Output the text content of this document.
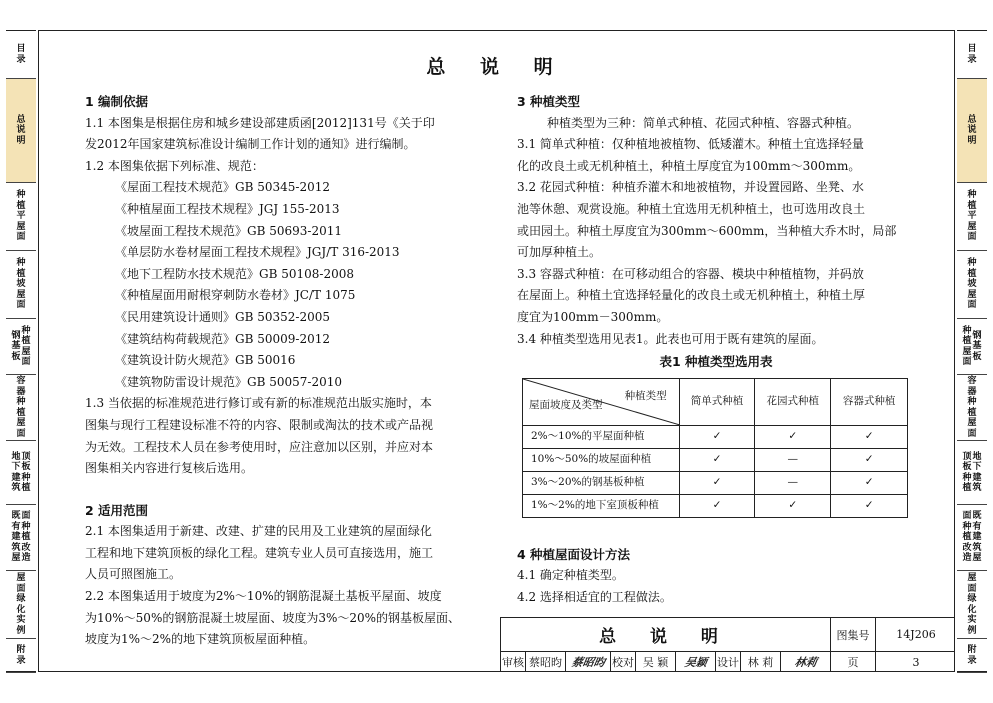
目
录
总
说
明
种
植
平
屋
面
种
植
坡
屋
面
钢
基
板
种
植
屋
面
容
器
种
植
屋
面
地
下
建
筑
顶
板
种
植
既
有
建
筑
屋
面
种
植
改
造
屋
面
绿
化
实
例
附
录
目
录
总
说
明
种
植
平
屋
面
种
植
坡
屋
面
种
植
屋
面
钢
基
板
容
器
种
植
屋
面
顶
板
种
植
地
下
建
筑
面
种
植
改
造
既
有
建
筑
屋
屋
面
绿
化
实
例
附
录
总 说 明
1 编制依据
1.1 本图集是根据住房和城乡建设部建质函[2012]131号《关于印
发2012年国家建筑标准设计编制工作计划的通知》进行编制。
1.2 本图集依据下列标准、规范：
《屋面工程技术规范》GB 50345-2012
《种植屋面工程技术规程》JGJ 155-2013
《坡屋面工程技术规范》GB 50693-2011
《单层防水卷材屋面工程技术规程》JGJ/T 316-2013
《地下工程防水技术规范》GB 50108-2008
《种植屋面用耐根穿刺防水卷材》JC/T 1075
《民用建筑设计通则》GB 50352-2005
《建筑结构荷载规范》GB 50009-2012
《建筑设计防火规范》GB 50016
《建筑物防雷设计规范》GB 50057-2010
1.3 当依据的标准规范进行修订或有新的标准规范出版实施时，本
图集与现行工程建设标准不符的内容、限制或淘汰的技术或产品视
为无效。工程技术人员在参考使用时，应注意加以区别，并应对本
图集相关内容进行复核后选用。
2 适用范围
2.1 本图集适用于新建、改建、扩建的民用及工业建筑的屋面绿化
工程和地下建筑顶板的绿化工程。建筑专业人员可直接选用，施工
人员可照图施工。
2.2 本图集适用于坡度为2%～10%的钢筋混凝土基板平屋面、坡度
为10%～50%的钢筋混凝土坡屋面、坡度为3%～20%的钢基板屋面、
坡度为1%～2%的地下建筑顶板屋面种植。
3 种植类型
种植类型为三种：简单式种植、花园式种植、容器式种植。
3.1 简单式种植：仅种植地被植物、低矮灌木。种植土宜选择轻量
化的改良土或无机种植土，种植土厚度宜为100mm～300mm。
3.2 花园式种植：种植乔灌木和地被植物，并设置园路、坐凳、水
池等休憩、观赏设施。种植土宜选用无机种植土，也可选用改良土
或田园土。种植土厚度宜为300mm～600mm，当种植大乔木时，局部
可加厚种植土。
3.3 容器式种植：在可移动组合的容器、模块中种植植物，并码放
在屋面上。种植土宜选择轻量化的改良土或无机种植土，种植土厚
度宜为100mm－300mm。
3.4 种植类型选用见表1。此表也可用于既有建筑的屋面。
表1 种植类型选用表
种植类型
屋面坡度及类型	简单式种植	花园式种植	容器式种植
2%～10%的平屋面种植	✓	✓	✓
10%～50%的坡屋面种植	✓	—	✓
3%～20%的钢基板种植	✓	—	✓
1%～2%的地下室顶板种植	✓	✓	✓
4 种植屋面设计方法
4.1 确定种植类型。
4.2 选择相适宜的工程做法。
总 说 明	图集号	14J206
审核 蔡昭昀 蔡昭昀 校对 吴 颖	吴颖 设计 林 莉	林莉	页	3
